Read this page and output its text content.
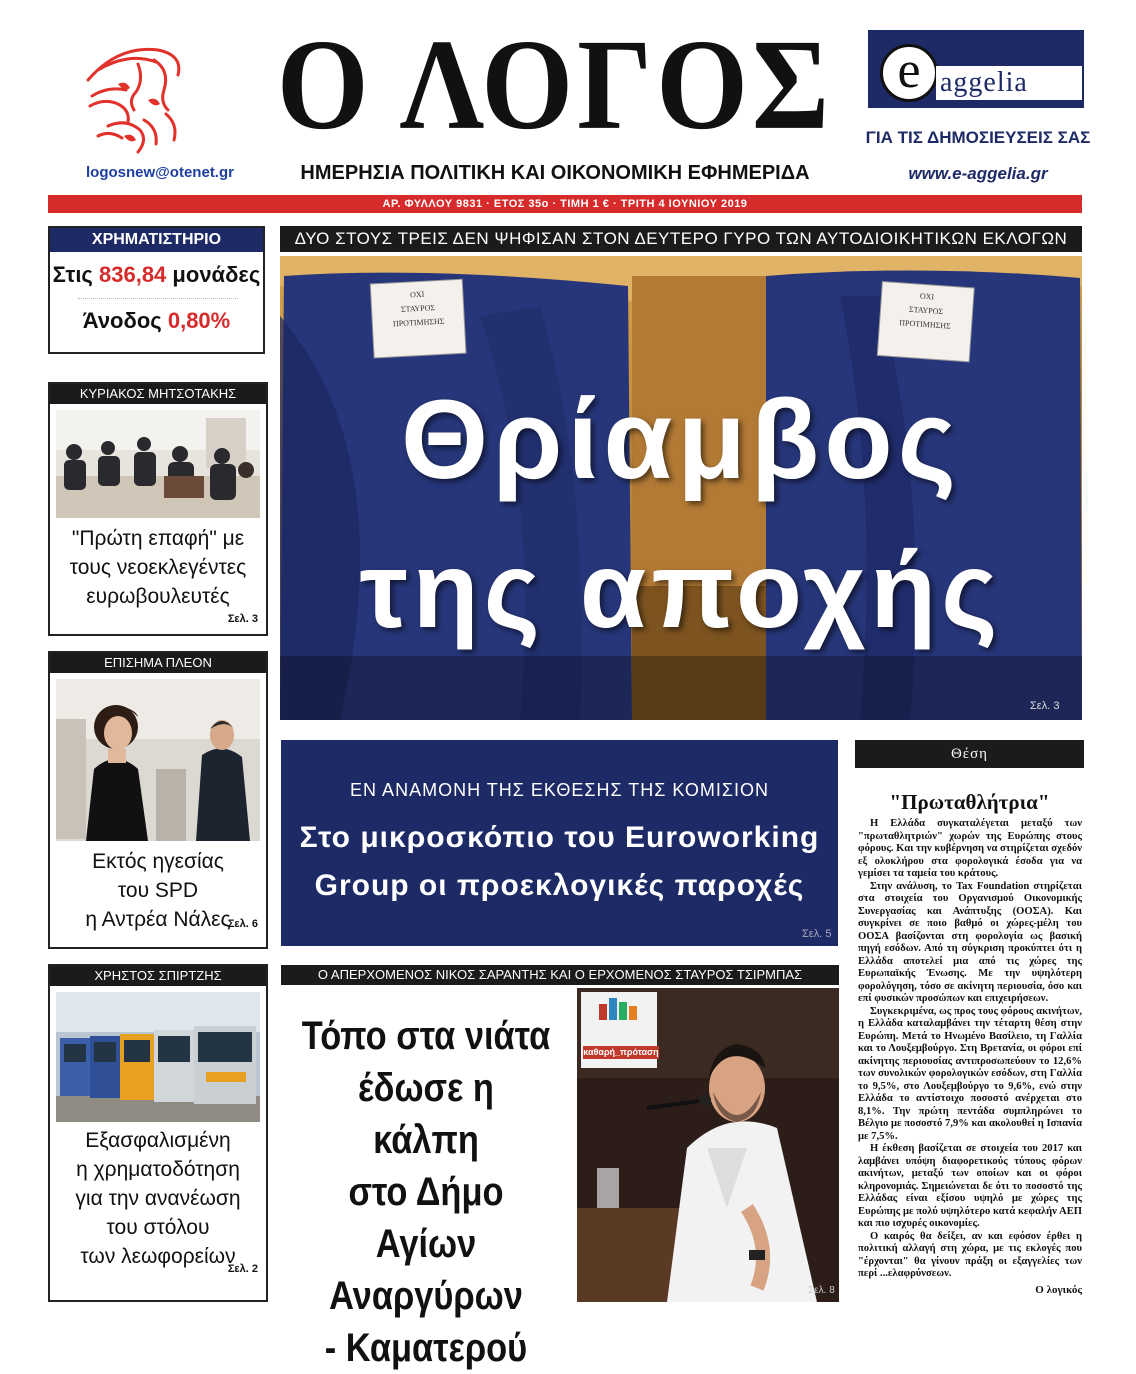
logosnew@otenet.gr
Ο ΛΟΓΟΣ
ΗΜΕΡΗΣΙΑ ΠΟΛΙΤΙΚΗ ΚΑΙ ΟΙΚΟΝΟΜΙΚΗ ΕΦΗΜΕΡΙΔΑ
e aggelia
ΓΙΑ ΤΙΣ ΔΗΜΟΣΙΕΥΣΕΙΣ ΣΑΣ
www.e-aggelia.gr
ΑΡ. ΦΥΛΛΟΥ 9831 · ΕΤΟΣ 35ο · ΤΙΜΗ 1 € · ΤΡΙΤΗ 4 ΙΟΥΝΙΟΥ 2019
ΧΡΗΜΑΤΙΣΤΗΡΙΟ
Στις 836,84 μονάδες
Άνοδος 0,80%
ΚΥΡΙΑΚΟΣ ΜΗΤΣΟΤΑΚΗΣ
"Πρώτη επαφή" με
τους νεοεκλεγέντες
ευρωβουλευτές
Σελ. 3
ΕΠΙΣΗΜΑ ΠΛΕΟΝ
Εκτός ηγεσίας
του SPD
η Αντρέα Νάλες
Σελ. 6
ΧΡΗΣΤΟΣ ΣΠΙΡΤΖΗΣ
Εξασφαλισμένη
η χρηματοδότηση
για την ανανέωση
του στόλου
των λεωφορείων
Σελ. 2
ΔΥΟ ΣΤΟΥΣ ΤΡΕΙΣ ΔΕΝ ΨΗΦΙΣΑΝ ΣΤΟΝ ΔΕΥΤΕΡΟ ΓΥΡΟ ΤΩΝ ΑΥΤΟΔΙΟΙΚΗΤΙΚΩΝ ΕΚΛΟΓΩΝ
ΟΧΙ
ΣΤΑΥΡΟΣ
ΠΡΟΤΙΜΗΣΗΣ
ΟΧΙ
ΣΤΑΥΡΟΣ
ΠΡΟΤΙΜΗΣΗΣ
Θρίαμβος
της αποχής
Σελ. 3
ΕΝ ΑΝΑΜΟΝΗ ΤΗΣ ΕΚΘΕΣΗΣ ΤΗΣ ΚΟΜΙΣΙΟΝ
Στο μικροσκόπιο του Euroworking
Group οι προεκλογικές παροχές
Σελ. 5
Ο ΑΠΕΡΧΟΜΕΝΟΣ ΝΙΚΟΣ ΣΑΡΑΝΤΗΣ ΚΑΙ Ο ΕΡΧΟΜΕΝΟΣ ΣΤΑΥΡΟΣ ΤΣΙΡΜΠΑΣ
Τόπο στα νιάτα
έδωσε η κάλπη
στο Δήμο
Αγίων Αναργύρων
- Καματερού
καθαρή_πρόταση
Σελ. 8
Θέση
"Πρωταθλήτρια"

Η Ελλάδα συγκαταλέγεται μεταξύ των "πρωταθλητριών" χωρών της Ευρώπης στους φόρους. Και την κυβέρνηση να στηρίζεται σχεδόν εξ ολοκλήρου στα φορολογικά έσοδα για να γεμίσει τα ταμεία του κράτους.

Στην ανάλυση, το Tax Foundation στηρίζεται στα στοιχεία του Οργανισμού Οικονομικής Συνεργασίας και Ανάπτυξης (ΟΟΣΑ). Και συγκρίνει σε ποιο βαθμό οι χώρες-μέλη του ΟΟΣΑ βασίζονται στη φορολογία ως βασική πηγή εσόδων. Από τη σύγκριση προκύπτει ότι η Ελλάδα αποτελεί μια από τις χώρες της Ευρωπαϊκής Ένωσης. Με την υψηλότερη φορολόγηση, τόσο σε ακίνητη περιουσία, όσο και επί φυσικών προσώπων και επιχειρήσεων.

Συγκεκριμένα, ως προς τους φόρους ακινήτων, η Ελλάδα καταλαμβάνει την τέταρτη θέση στην Ευρώπη. Μετά το Ηνωμένο Βασίλειο, τη Γαλλία και το Λουξεμβούργο. Στη Βρετανία, οι φόροι επί ακίνητης περιουσίας αντιπροσωπεύουν το 12,6% των συνολικών φορολογικών εσόδων, στη Γαλλία το 9,5%, στο Λουξεμβούργο το 9,6%, ενώ στην Ελλάδα το αντίστοιχο ποσοστό ανέρχεται στο 8,1%. Την πρώτη πεντάδα συμπληρώνει το Βέλγιο με ποσοστό 7,9% και ακολουθεί η Ισπανία με 7,5%.

Η έκθεση βασίζεται σε στοιχεία του 2017 και λαμβάνει υπόψη διαφορετικούς τύπους φόρων ακινήτων, μεταξύ των οποίων και οι φόροι κληρονομιάς. Σημειώνεται δε ότι το ποσοστό της Ελλάδας είναι εξίσου υψηλό με χώρες της Ευρώπης με πολύ υψηλότερο κατά κεφαλήν ΑΕΠ και πιο ισχυρές οικονομίες.

Ο καιρός θα δείξει, αν και εφόσον έρθει η πολιτική αλλαγή στη χώρα, με τις εκλογές που "έρχονται" θα γίνουν πράξη οι εξαγγελίες των περί ...ελαφρύνσεων.

Ο λογικός
